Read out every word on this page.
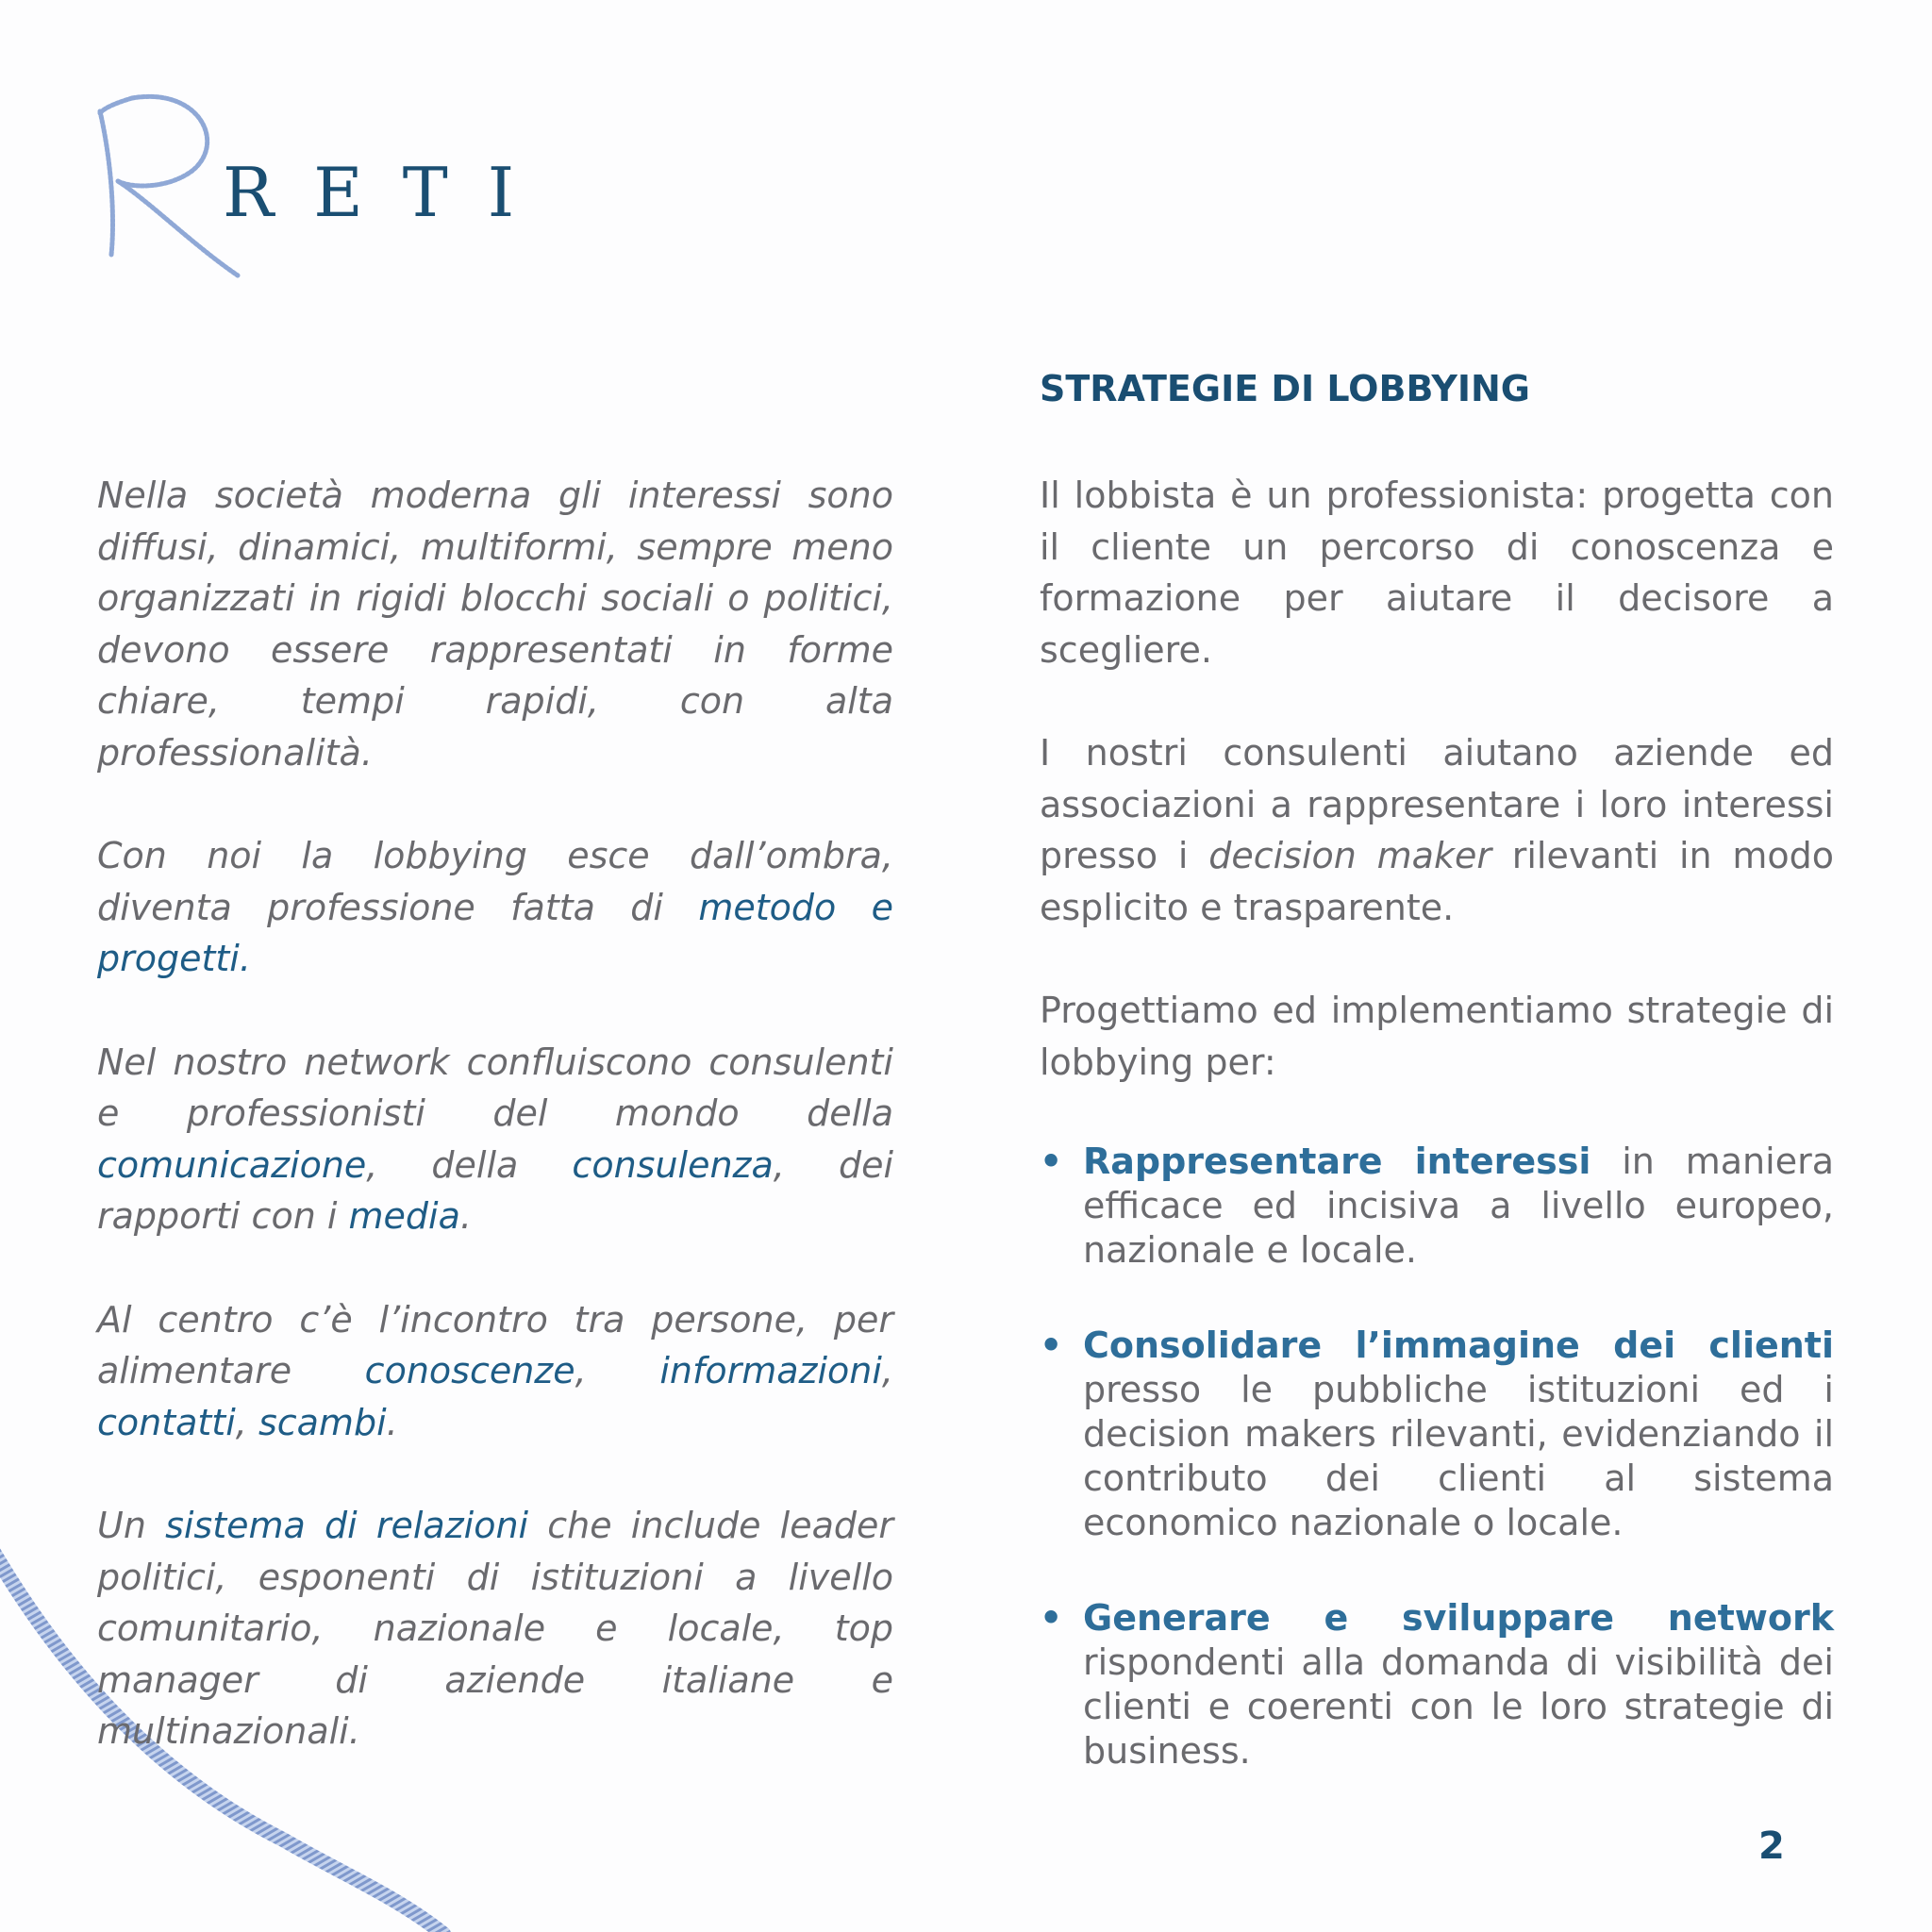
RETI

Nella società moderna gli interessi sono diffusi, dinamici, multiformi, sempre meno organizzati in rigidi blocchi sociali o politici, devono essere rappresentati in forme chiare, tempi rapidi, con alta professionalità.

Con noi la lobbying esce dall’ombra, diventa professione fatta di metodo e progetti.

Nel nostro network confluiscono consulenti e professionisti del mondo della comunicazione, della consulenza, dei rapporti con i media.

Al centro c’è l’incontro tra persone, per alimentare conoscenze, informazioni, contatti, scambi.

Un sistema di relazioni che include leader politici, esponenti di istituzioni a livello comunitario, nazionale e locale, top manager di aziende italiane e multinazionali.

STRATEGIE DI LOBBYING

Il lobbista è un professionista: progetta con il cliente un percorso di conoscenza e formazione per aiutare il decisore a scegliere.

I nostri consulenti aiutano aziende ed associazioni a rappresentare i loro interessi presso i decision maker rilevanti in modo esplicito e trasparente.

Progettiamo ed implementiamo strategie di lobbying per:

• Rappresentare interessi in maniera efficace ed incisiva a livello europeo, nazionale e locale.
• Consolidare l’immagine dei clienti presso le pubbliche istituzioni ed i decision makers rilevanti, evidenziando il contributo dei clienti al sistema economico nazionale o locale.
• Generare e sviluppare network rispondenti alla domanda di visibilità dei clienti e coerenti con le loro strategie di business.
2
